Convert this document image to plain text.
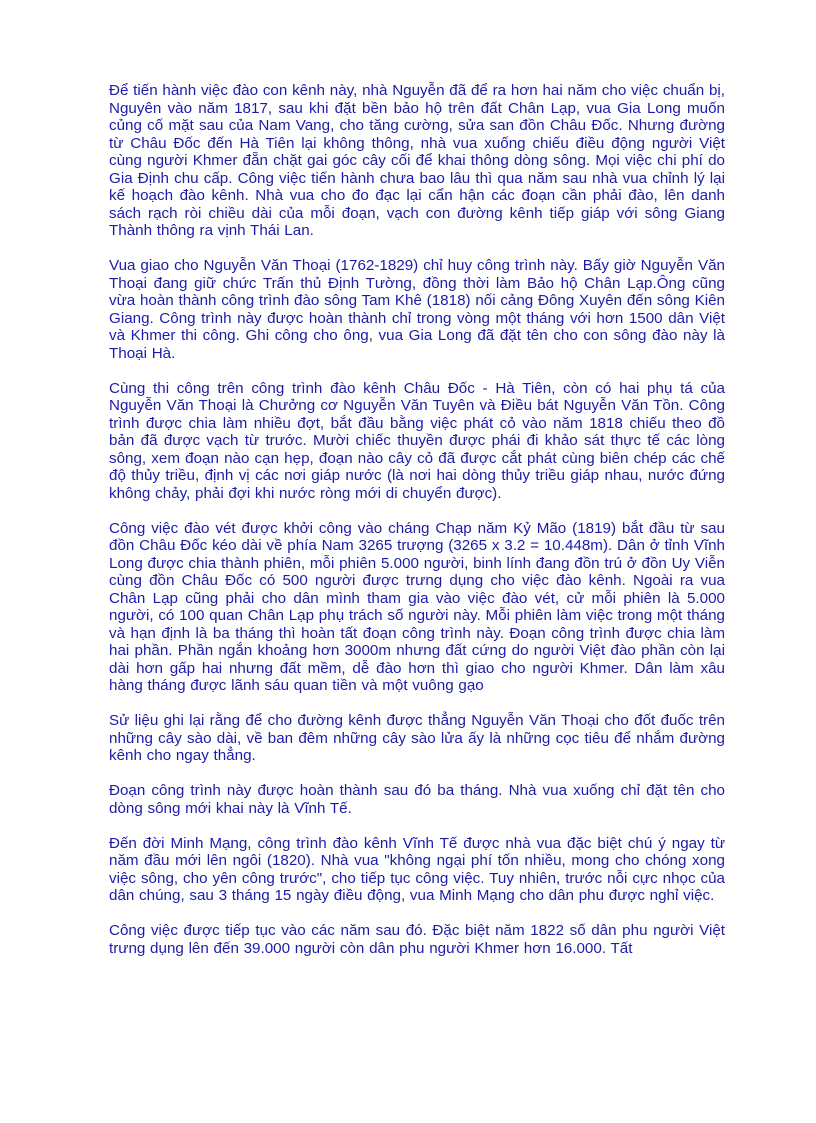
Để tiến hành việc đào con kênh này, nhà Nguyễn đã để ra hơn hai năm cho việc chuẩn bị, Nguyên vào năm 1817, sau khi đặt bền bảo hộ trên đất Chân Lạp, vua Gia Long muốn củng cố mặt sau của Nam Vang, cho tăng cường, sửa san đồn Châu Đốc. Nhưng đường từ Châu Đốc đến Hà Tiên lại không thông, nhà vua xuống chiếu điều động người Việt cùng người Khmer đẵn chặt gai góc cây cối để khai thông dòng sông. Mọi việc chi phí do Gia Định chu cấp. Công việc tiến hành chưa bao lâu thì qua năm sau nhà vua chỉnh lý lại kế hoạch đào kênh. Nhà vua cho đo đạc lại cẩn hận các đoạn cần phải đào, lên danh sách rạch ròi chiều dài của mỗi đoạn, vạch con đường kênh tiếp giáp với sông Giang Thành thông ra vịnh Thái Lan.

Vua giao cho Nguyễn Văn Thoại (1762-1829) chỉ huy công trình này. Bấy giờ Nguyễn Văn Thoại đang giữ chức Trấn thủ Định Tường, đồng thời làm Bảo hộ Chân Lạp.Ông cũng vừa hoàn thành công trình đào sông Tam Khê (1818) nối cảng Đông Xuyên đến sông Kiên Giang. Công trình này được hoàn thành chỉ trong vòng một tháng với hơn 1500 dân Việt và Khmer thi công. Ghi công cho ông, vua Gia Long đã đặt tên cho con sông đào này là Thoại Hà.

Cùng thi công trên công trình đào kênh Châu Đốc - Hà Tiên, còn có hai phụ tá của Nguyễn Văn Thoại là Chưởng cơ Nguyễn Văn Tuyên và Điều bát Nguyễn Văn Tồn. Công trình được chia làm nhiều đợt, bắt đầu bằng việc phát cỏ vào năm 1818 chiếu theo đồ bản đã được vạch từ trước. Mười chiếc thuyền được phái đi khảo sát thực tế các lòng sông, xem đoạn nào cạn hẹp, đoạn nào cây cỏ đã được cắt phát cùng biên chép các chế độ thủy triều, định vị các nơi giáp nước (là nơi hai dòng thủy triều giáp nhau, nước đứng không chảy, phải đợi khi nước ròng mới di chuyển được).

Công việc đào vét được khởi công vào cháng Chạp năm Kỷ Mão (1819) bắt đầu từ sau đồn Châu Đốc kéo dài về phía Nam 3265 trượng (3265 x 3.2 = 10.448m). Dân ở tỉnh Vĩnh Long được chia thành phiên, mỗi phiên 5.000 người, binh lính đang đồn trú ở đồn Uy Viễn cùng đồn Châu Đốc có 500 người được trưng dụng cho việc đào kênh. Ngoài ra vua Chân Lạp cũng phải cho dân mình tham gia vào việc đào vét, cử mỗi phiên là 5.000 người, có 100 quan Chân Lạp phụ trách số người này. Mỗi phiên làm việc trong một tháng và hạn định là ba tháng thì hoàn tất đoạn công trình này. Đoạn công trình được chia làm hai phần. Phần ngắn khoảng hơn 3000m nhưng đất cứng do người Việt đào phần còn lại dài hơn gấp hai nhưng đất mềm, dễ đào hơn thì giao cho người Khmer. Dân làm xâu hàng tháng được lãnh sáu quan tiền và một vuông gạo

Sử liệu ghi lại rằng để cho đường kênh được thẳng Nguyễn Văn Thoại cho đốt đuốc trên những cây sào dài, về ban đêm những cây sào lửa ấy là những cọc tiêu để nhắm đường kênh cho ngay thẳng.

Đoạn công trình này được hoàn thành sau đó ba tháng. Nhà vua xuống chỉ đặt tên cho dòng sông mới khai này là Vĩnh Tế.

Đến đời Minh Mạng, công trình đào kênh Vĩnh Tế được nhà vua đặc biệt chú ý ngay từ năm đầu mới lên ngôi (1820). Nhà vua "không ngại phí tốn nhiều, mong cho chóng xong việc sông, cho yên công trước", cho tiếp tục công việc. Tuy nhiên, trước nỗi cực nhọc của dân chúng, sau 3 tháng 15 ngày điều động, vua Minh Mạng cho dân phu được nghỉ việc.

Công việc được tiếp tục vào các năm sau đó. Đặc biệt năm 1822 số dân phu người Việt trưng dụng lên đến 39.000 người còn dân phu người Khmer hơn 16.000. Tất
